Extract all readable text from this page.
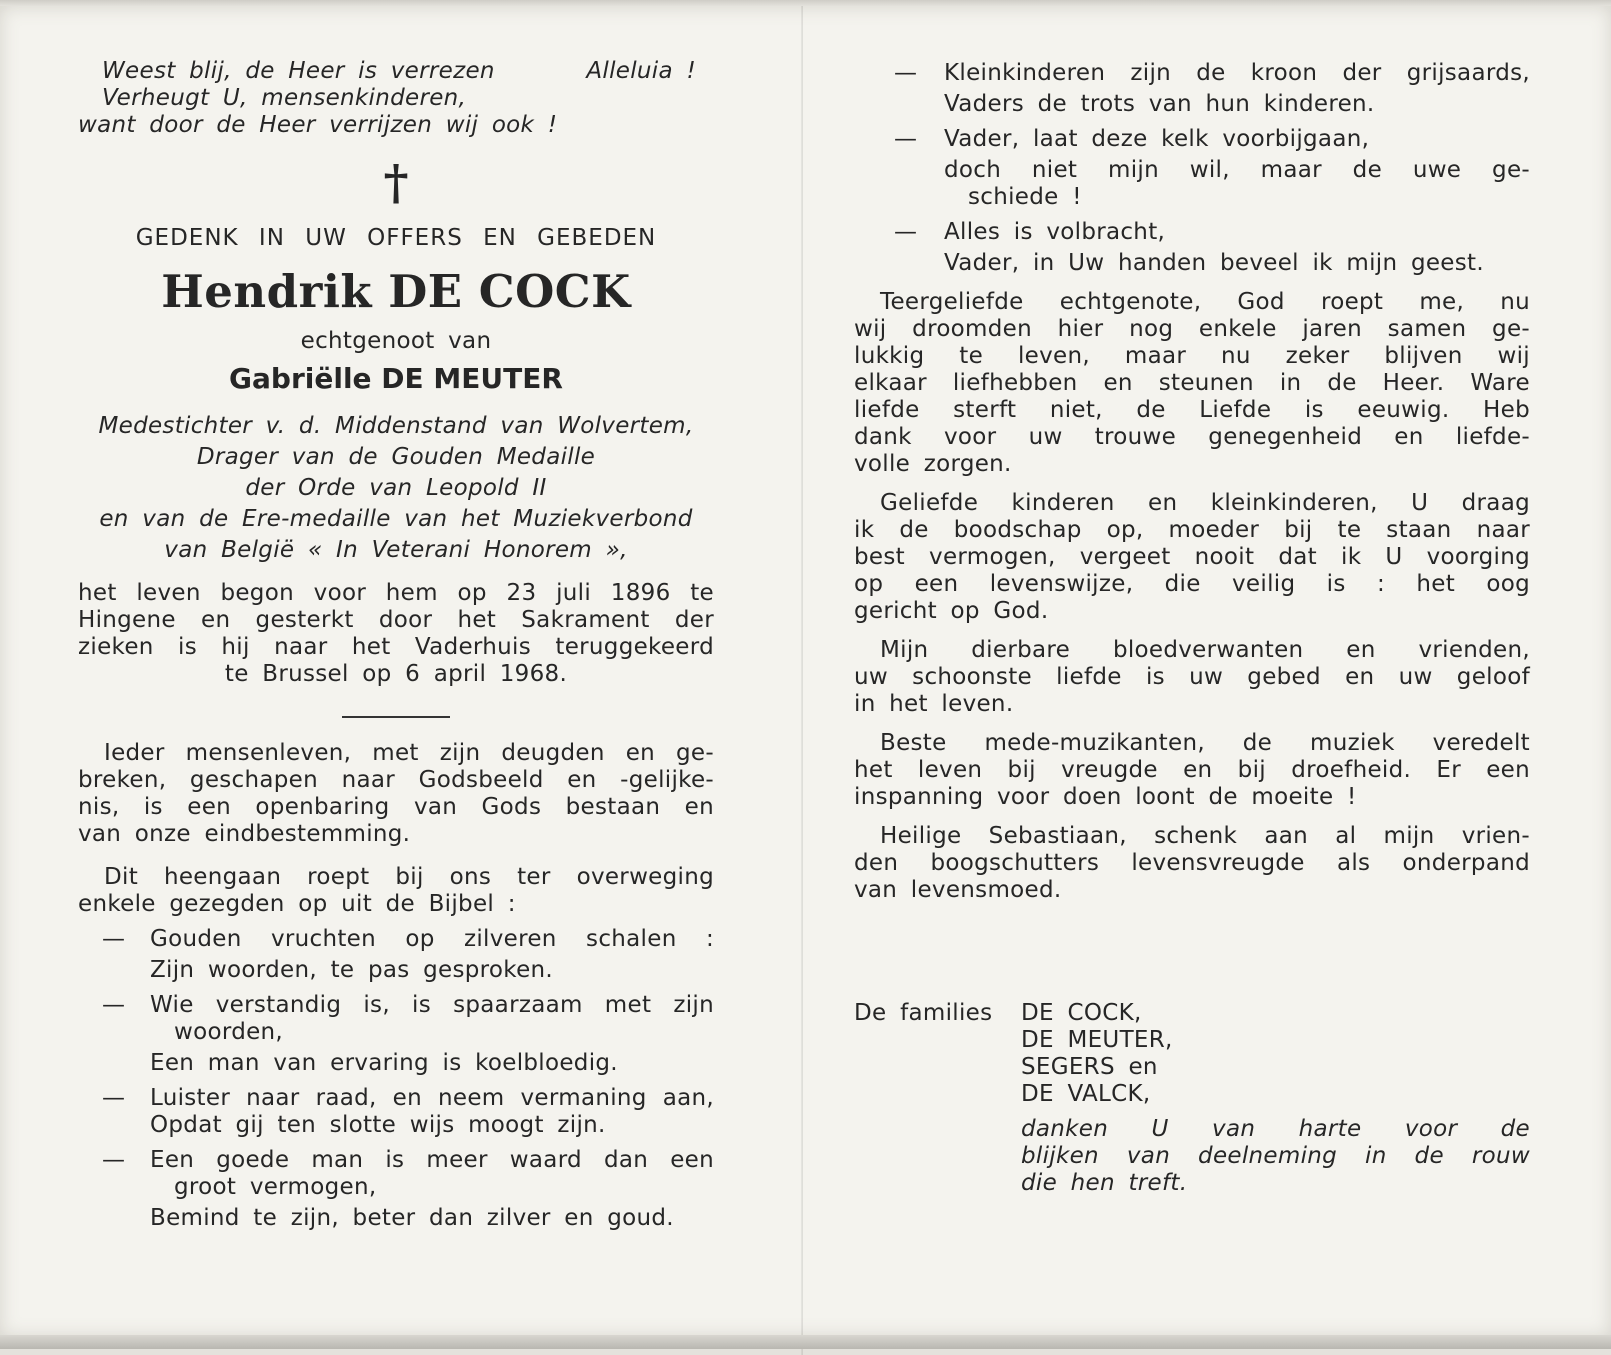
Weest blij, de Heer is verrezen	Alleluia !
Verheugt U, mensenkinderen,
want door de Heer verrijzen wij ook !
†
GEDENK IN UW OFFERS EN GEBEDEN
Hendrik DE COCK
echtgenoot van
Gabriëlle DE MEUTER
Medestichter v. d. Middenstand van Wolvertem,
Drager van de Gouden Medaille
der Orde van Leopold II
en van de Ere-medaille van het Muziekverbond
van België « In Veterani Honorem »,
het leven begon voor hem op 23 juli 1896 te
Hingene en gesterkt door het Sakrament der
zieken is hij naar het Vaderhuis teruggekeerd
te Brussel op 6 april 1968.
Ieder mensenleven, met zijn deugden en ge-
breken, geschapen naar Godsbeeld en -gelijke-
nis, is een openbaring van Gods bestaan en
van onze eindbestemming.
Dit heengaan roept bij ons ter overweging
enkele gezegden op uit de Bijbel :
— Gouden vruchten op zilveren schalen :
Zijn woorden, te pas gesproken.
— Wie verstandig is, is spaarzaam met zijn
woorden,
Een man van ervaring is koelbloedig.
— Luister naar raad, en neem vermaning aan,
Opdat gij ten slotte wijs moogt zijn.
— Een goede man is meer waard dan een
groot vermogen,
Bemind te zijn, beter dan zilver en goud.
— Kleinkinderen zijn de kroon der grijsaards,
Vaders de trots van hun kinderen.
— Vader, laat deze kelk voorbijgaan,
doch niet mijn wil, maar de uwe ge-
schiede !
— Alles is volbracht,
Vader, in Uw handen beveel ik mijn geest.
Teergeliefde echtgenote, God roept me, nu
wij droomden hier nog enkele jaren samen ge-
lukkig te leven, maar nu zeker blijven wij
elkaar liefhebben en steunen in de Heer. Ware
liefde sterft niet, de Liefde is eeuwig. Heb
dank voor uw trouwe genegenheid en liefde-
volle zorgen.
Geliefde kinderen en kleinkinderen, U draag
ik de boodschap op, moeder bij te staan naar
best vermogen, vergeet nooit dat ik U voorging
op een levenswijze, die veilig is : het oog
gericht op God.
Mijn dierbare bloedverwanten en vrienden,
uw schoonste liefde is uw gebed en uw geloof
in het leven.
Beste mede-muzikanten, de muziek veredelt
het leven bij vreugde en bij droefheid. Er een
inspanning voor doen loont de moeite !
Heilige Sebastiaan, schenk aan al mijn vrien-
den boogschutters levensvreugde als onderpand
van levensmoed.
De families DE COCK,
DE MEUTER,
SEGERS en
DE VALCK,
danken U van harte voor de
blijken van deelneming in de rouw
die hen treft.
